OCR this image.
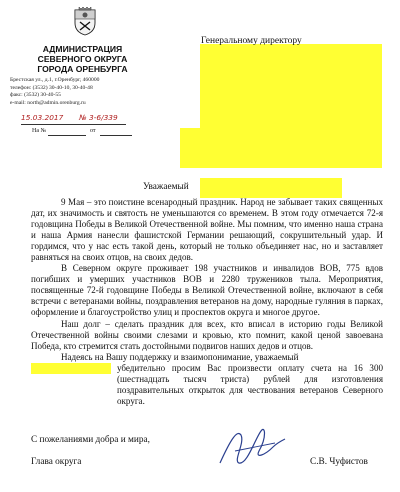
АДМИНИСТРАЦИЯ
СЕВЕРНОГО ОКРУГА
ГОРОДА ОРЕНБУРГА
Брестская ул., д.1, г.Оренбург, 460000
телефон: (3532) 30-40-10, 30-40-48
факс: (3532) 30-40-55
e-mail: north@admin.orenburg.ru
15.03.2017 № 3-6/339
На №	от
Генеральному директору
Уважаемый

9 Мая – это поистине всенародный праздник. Народ не забывает таких священных дат, их значимость и святость не уменьшаются со временем. В этом году отмечается 72-я годовщина Победы в Великой Отечественной войне. Мы помним, что именно наша страна и наша Армия нанесли фашистской Германии решающий, сокрушительный удар. И гордимся, что у нас есть такой день, который не только объединяет нас, но и заставляет равняться на своих отцов, на своих дедов.

В Северном округе проживает 198 участников и инвалидов ВОВ, 775 вдов погибших и умерших участников ВОВ и 2280 тружеников тыла. Мероприятия, посвященные 72-й годовщине Победы в Великой Отечественной войне, включают в себя встречи с ветеранами войны, поздравления ветеранов на дому, народные гуляния в парках, оформление и благоустройство улиц и проспектов округа и многое другое.

Наш долг – сделать праздник для всех, кто вписал в историю годы Великой Отечественной войны своими слезами и кровью, кто помнит, какой ценой завоевана Победа, кто стремится стать достойными подвигов наших дедов и отцов.

Надеясь на Вашу поддержку и взаимопонимание, уважаемый

убедительно просим Вас произвести оплату счета на 16 300 (шестнадцать тысяч триста) рублей для изготовления поздравительных открыток для чествования ветеранов Северного округа.

С пожеланиями добра и мира,
Глава округа	С.В. Чуфистов
